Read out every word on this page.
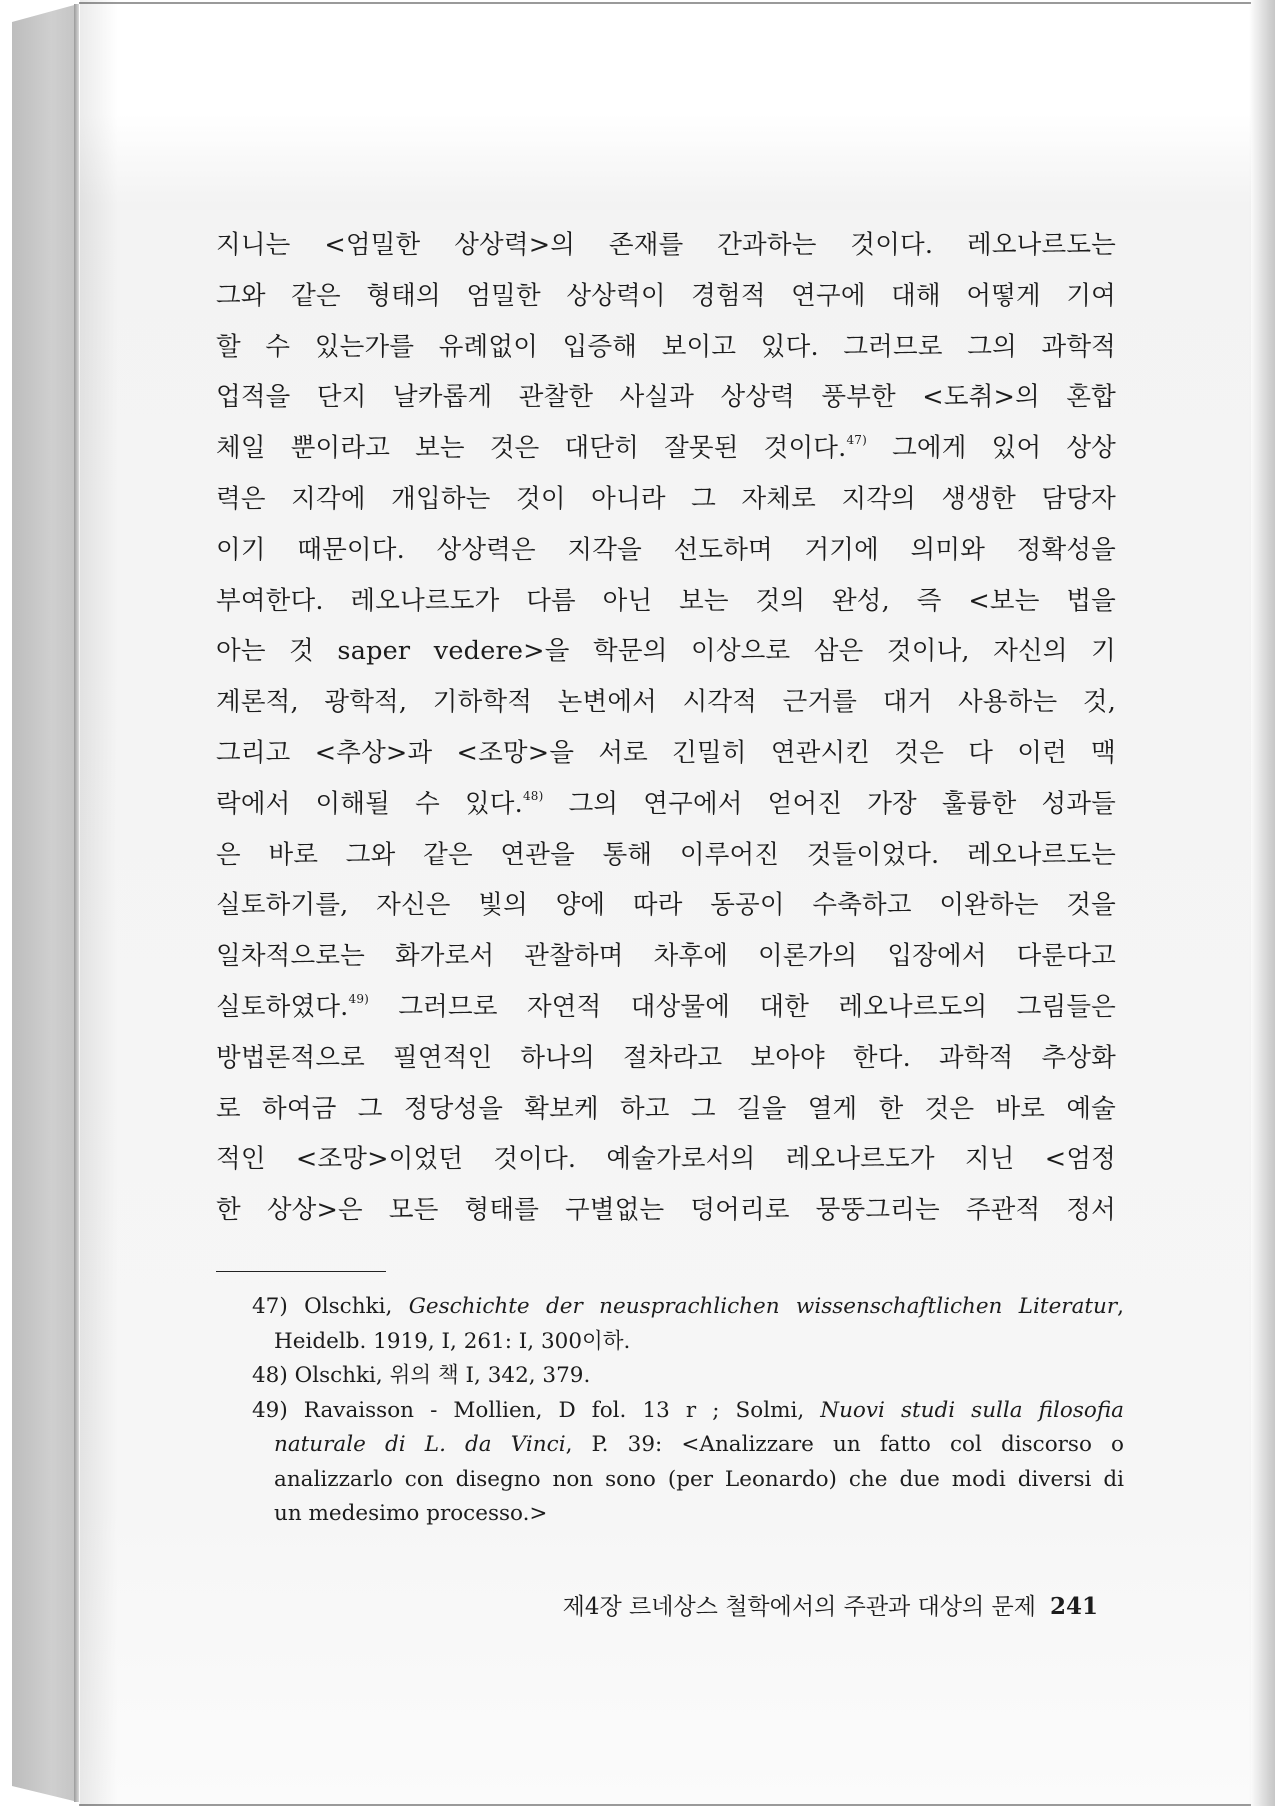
지니는 <엄밀한 상상력>의 존재를 간과하는 것이다. 레오나르도는
그와 같은 형태의 엄밀한 상상력이 경험적 연구에 대해 어떻게 기여
할 수 있는가를 유례없이 입증해 보이고 있다. 그러므로 그의 과학적
업적을 단지 날카롭게 관찰한 사실과 상상력 풍부한 <도취>의 혼합
체일 뿐이라고 보는 것은 대단히 잘못된 것이다.$^{47)}$ 그에게 있어 상상
력은 지각에 개입하는 것이 아니라 그 자체로 지각의 생생한 담당자
이기 때문이다. 상상력은 지각을 선도하며 거기에 의미와 정확성을
부여한다. 레오나르도가 다름 아닌 보는 것의 완성, 즉 <보는 법을
아는 것 saper vedere>을 학문의 이상으로 삼은 것이나, 자신의 기
계론적, 광학적, 기하학적 논변에서 시각적 근거를 대거 사용하는 것,
그리고 <추상>과 <조망>을 서로 긴밀히 연관시킨 것은 다 이런 맥
락에서 이해될 수 있다.$^{48)}$ 그의 연구에서 얻어진 가장 훌륭한 성과들
은 바로 그와 같은 연관을 통해 이루어진 것들이었다. 레오나르도는
실토하기를, 자신은 빛의 양에 따라 동공이 수축하고 이완하는 것을
일차적으로는 화가로서 관찰하며 차후에 이론가의 입장에서 다룬다고
실토하였다.$^{49)}$ 그러므로 자연적 대상물에 대한 레오나르도의 그림들은
방법론적으로 필연적인 하나의 절차라고 보아야 한다. 과학적 추상화
로 하여금 그 정당성을 확보케 하고 그 길을 열게 한 것은 바로 예술
적인 <조망>이었던 것이다. 예술가로서의 레오나르도가 지닌 <엄정
한 상상>은 모든 형태를 구별없는 덩어리로 뭉뚱그리는 주관적 정서
47) Olschki, Geschichte der neusprachlichen wissenschaftlichen Literatur,
Heidelb. 1919, I, 261: I, 300이하.
48) Olschki, 위의 책 I, 342, 379.
49) Ravaisson - Mollien, D fol. 13 r ; Solmi, Nuovi studi sulla filosofia
naturale di L. da Vinci, P. 39: <Analizzare un fatto col discorso o
analizzarlo con disegno non sono (per Leonardo) che due modi diversi di
un medesimo processo.>
제4장 르네상스 철학에서의 주관과 대상의 문제 241
